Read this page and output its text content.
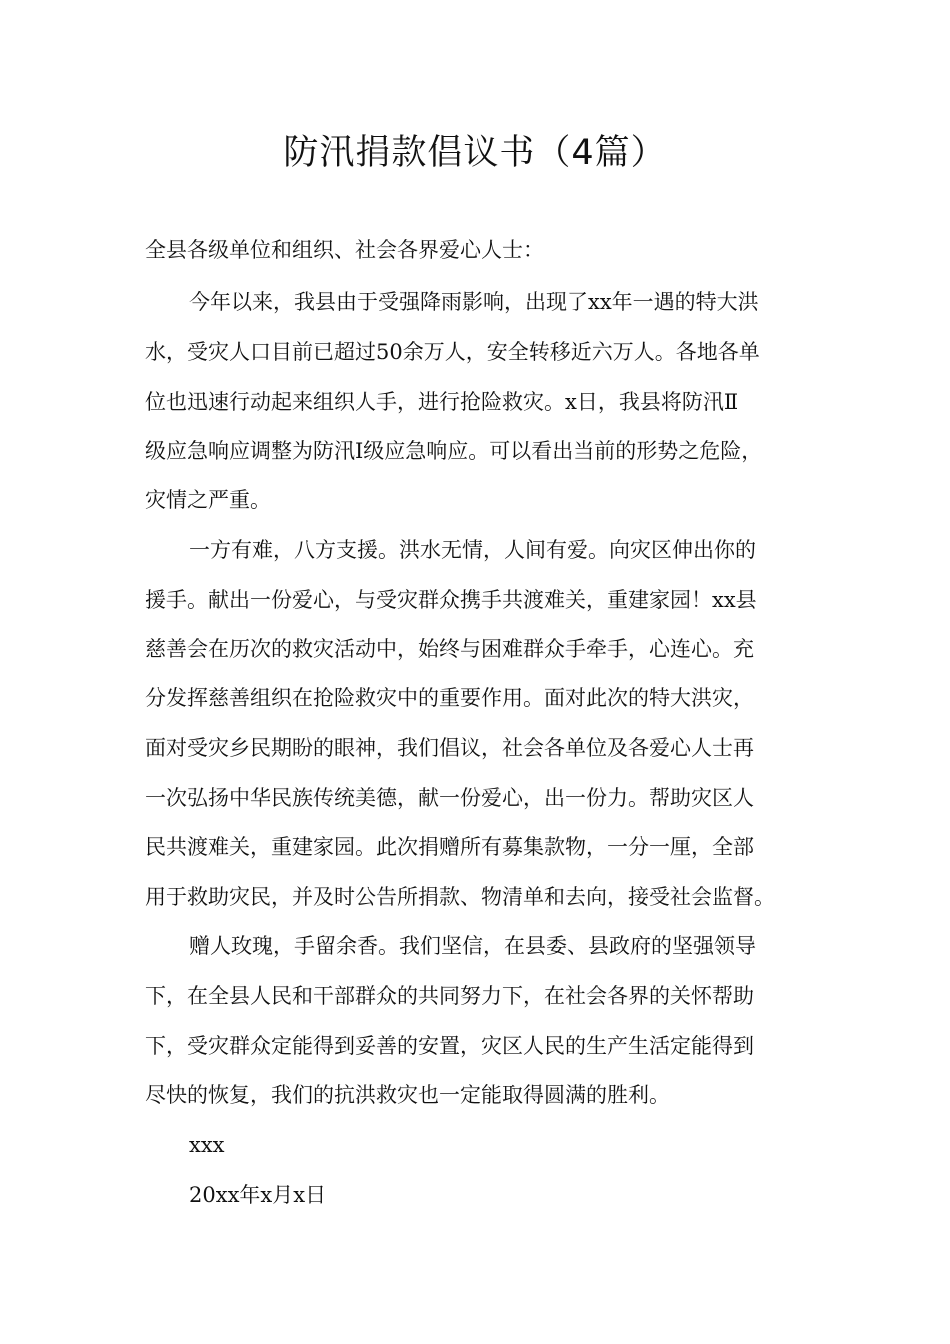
防汛捐款倡议书（4篇）
全县各级单位和组织、社会各界爱心人士：
今年以来，我县由于受强降雨影响，出现了xx年一遇的特大洪
水，受灾人口目前已超过50余万人，安全转移近六万人。各地各单
位也迅速行动起来组织人手，进行抢险救灾。x日，我县将防汛Ⅱ
级应急响应调整为防汛Ⅰ级应急响应。可以看出当前的形势之危险，
灾情之严重。
一方有难，八方支援。洪水无情，人间有爱。向灾区伸出你的
援手。献出一份爱心，与受灾群众携手共渡难关，重建家园！xx县
慈善会在历次的救灾活动中，始终与困难群众手牵手，心连心。充
分发挥慈善组织在抢险救灾中的重要作用。面对此次的特大洪灾，
面对受灾乡民期盼的眼神，我们倡议，社会各单位及各爱心人士再
一次弘扬中华民族传统美德，献一份爱心，出一份力。帮助灾区人
民共渡难关，重建家园。此次捐赠所有募集款物，一分一厘，全部
用于救助灾民，并及时公告所捐款、物清单和去向，接受社会监督。
赠人玫瑰，手留余香。我们坚信，在县委、县政府的坚强领导
下，在全县人民和干部群众的共同努力下，在社会各界的关怀帮助
下，受灾群众定能得到妥善的安置，灾区人民的生产生活定能得到
尽快的恢复，我们的抗洪救灾也一定能取得圆满的胜利。
xxx
20xx年x月x日
